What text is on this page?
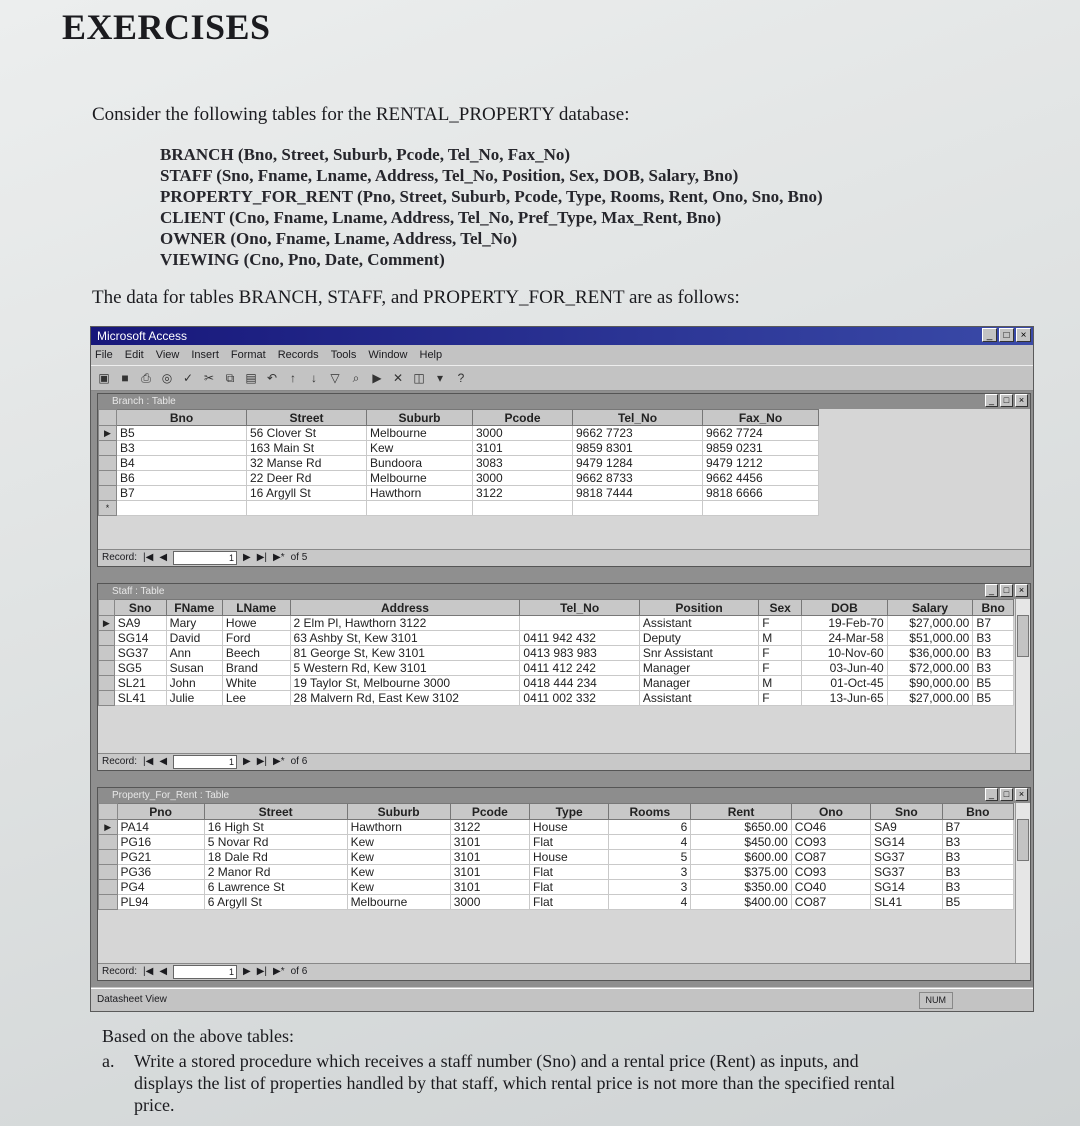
EXERCISES
Consider the following tables for the RENTAL_PROPERTY database:
BRANCH (Bno, Street, Suburb, Pcode, Tel_No, Fax_No)
STAFF (Sno, Fname, Lname, Address, Tel_No, Position, Sex, DOB, Salary, Bno)
PROPERTY_FOR_RENT (Pno, Street, Suburb, Pcode, Type, Rooms, Rent, Ono, Sno, Bno)
CLIENT (Cno, Fname, Lname, Address, Tel_No, Pref_Type, Max_Rent, Bno)
OWNER (Ono, Fname, Lname, Address, Tel_No)
VIEWING (Cno, Pno, Date, Comment)
The data for tables BRANCH, STAFF, and PROPERTY_FOR_RENT are as follows:
Microsoft Access	_	□	×
File Edit View Insert Format Records Tools Window Help
▣ ■	⎙ ◎ ✓ ✂ ⧉ ▤ ↶	↑	↓	▽	⌕	▶ ✕ ◫	▾	?
Branch : Table	_	□	×
	Bno	Street	Suburb	Pcode	Tel_No	Fax_No
▶	B5	56 Clover St	Melbourne	3000	9662 7723	9662 7724
	B3	163 Main St	Kew	3101	9859 8301	9859 0231
	B4	32 Manse Rd	Bundoora	3083	9479 1284	9479 1212
	B6	22 Deer Rd	Melbourne	3000	9662 8733	9662 4456
	B7	16 Argyll St	Hawthorn	3122	9818 7444	9818 6666
*						
Record: |◀ ◀	1 ▶ ▶| ▶* of 5
Staff : Table	_	□	×
	Sno	FName	LName	Address	Tel_No	Position	Sex	DOB	Salary	Bno
▶	SA9	Mary	Howe	2 Elm Pl, Hawthorn 3122		Assistant	F	19-Feb-70	$27,000.00	B7
	SG14	David	Ford	63 Ashby St, Kew 3101	0411 942 432	Deputy	M	24-Mar-58	$51,000.00	B3
	SG37	Ann	Beech	81 George St, Kew 3101	0413 983 983	Snr Assistant	F	10-Nov-60	$36,000.00	B3
	SG5	Susan	Brand	5 Western Rd, Kew 3101	0411 412 242	Manager	F	03-Jun-40	$72,000.00	B3
	SL21	John	White	19 Taylor St, Melbourne 3000	0418 444 234	Manager	M	01-Oct-45	$90,000.00	B5
	SL41	Julie	Lee	28 Malvern Rd, East Kew 3102	0411 002 332	Assistant	F	13-Jun-65	$27,000.00	B5
Record: |◀ ◀	1 ▶ ▶| ▶* of 6
Property_For_Rent : Table	_	□	×
	Pno	Street	Suburb	Pcode	Type	Rooms	Rent	Ono	Sno	Bno
▶	PA14	16 High St	Hawthorn	3122	House	6	$650.00	CO46	SA9	B7
	PG16	5 Novar Rd	Kew	3101	Flat	4	$450.00	CO93	SG14	B3
	PG21	18 Dale Rd	Kew	3101	House	5	$600.00	CO87	SG37	B3
	PG36	2 Manor Rd	Kew	3101	Flat	3	$375.00	CO93	SG37	B3
	PG4	6 Lawrence St	Kew	3101	Flat	3	$350.00	CO40	SG14	B3
	PL94	6 Argyll St	Melbourne	3000	Flat	4	$400.00	CO87	SL41	B5
Record: |◀ ◀	1 ▶ ▶| ▶* of 6
Datasheet View	NUM
Based on the above tables:
a. Write a stored procedure which receives a staff number (Sno) and a rental price (Rent) as inputs, and displays the list of properties handled by that staff, which rental price is not more than the specified rental price.
